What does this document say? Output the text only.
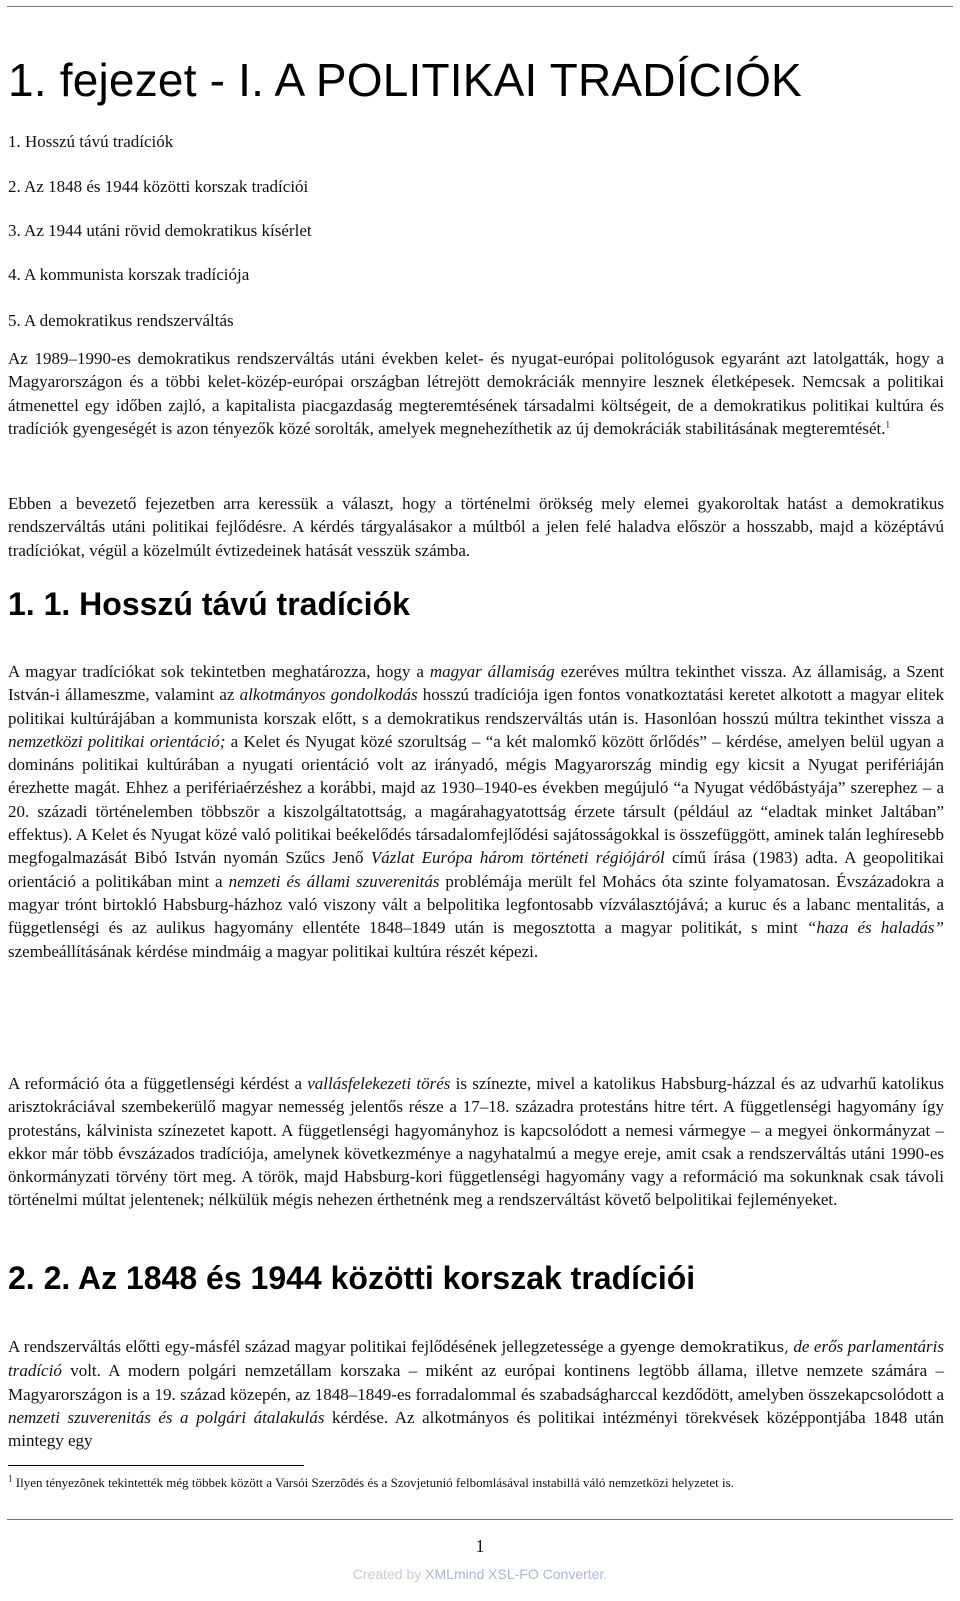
1. fejezet - I. A POLITIKAI TRADÍCIÓK
1. Hosszú távú tradíciók
2. Az 1848 és 1944 közötti korszak tradíciói
3. Az 1944 utáni rövid demokratikus kísérlet
4. A kommunista korszak tradíciója
5. A demokratikus rendszerváltás

Az 1989–1990-es demokratikus rendszerváltás utáni években kelet- és nyugat-európai politológusok egyaránt azt latolgatták, hogy a Magyarországon és a többi kelet-közép-európai országban létrejött demokráciák mennyire lesznek életképesek. Nemcsak a politikai átmenettel egy időben zajló, a kapitalista piacgazdaság megteremtésének társadalmi költségeit, de a demokratikus politikai kultúra és tradíciók gyengeségét is azon tényezők közé sorolták, amelyek megnehezíthetik az új demokráciák stabilitásának megteremtését.$^1$

Ebben a bevezető fejezetben arra keressük a választ, hogy a történelmi örökség mely elemei gyakoroltak hatást a demokratikus rendszerváltás utáni politikai fejlődésre. A kérdés tárgyalásakor a múltból a jelen felé haladva először a hosszabb, majd a középtávú tradíciókat, végül a közelmúlt évtizedeinek hatását vesszük számba.

1. 1. Hosszú távú tradíciók

A magyar tradíciókat sok tekintetben meghatározza, hogy a magyar államiság ezeréves múltra tekinthet vissza. Az államiság, a Szent István-i állameszme, valamint az alkotmányos gondolkodás hosszú tradíciója igen fontos vonatkoztatási keretet alkotott a magyar elitek politikai kultúrájában a kommunista korszak előtt, s a demokratikus rendszerváltás után is. Hasonlóan hosszú múltra tekinthet vissza a nemzetközi politikai orientáció; a Kelet és Nyugat közé szorultság – “a két malomkő között őrlődés” – kérdése, amelyen belül ugyan a domináns politikai kultúrában a nyugati orientáció volt az irányadó, mégis Magyarország mindig egy kicsit a Nyugat perifériáján érezhette magát. Ehhez a perifériaérzéshez a korábbi, majd az 1930–1940-es években megújuló “a Nyugat védőbástyája” szerephez – a 20. századi történelemben többször a kiszolgáltatottság, a magárahagyatottság érzete társult (például az “eladtak minket Jaltában” effektus). A Kelet és Nyugat közé való politikai beékelődés társadalomfejlődési sajátosságokkal is összefüggött, aminek talán leghíresebb megfogalmazását Bibó István nyomán Szűcs Jenő Vázlat Európa három történeti régiójáról című írása (1983) adta. A geopolitikai orientáció a politikában mint a nemzeti és állami szuverenitás problémája merült fel Mohács óta szinte folyamatosan. Évszázadokra a magyar trónt birtokló Habsburg-házhoz való viszony vált a belpolitika legfontosabb vízválasztójává; a kuruc és a labanc mentalitás, a függetlenségi és az aulikus hagyomány ellentéte 1848–1849 után is megosztotta a magyar politikát, s mint “haza és haladás” szembeállításának kérdése mindmáig a magyar politikai kultúra részét képezi.

A reformáció óta a függetlenségi kérdést a vallásfelekezeti törés is színezte, mivel a katolikus Habsburg-házzal és az udvarhű katolikus arisztokráciával szembekerülő magyar nemesség jelentős része a 17–18. századra protestáns hitre tért. A függetlenségi hagyomány így protestáns, kálvinista színezetet kapott. A függetlenségi hagyományhoz is kapcsolódott a nemesi vármegye – a megyei önkormányzat – ekkor már több évszázados tradíciója, amelynek következménye a nagyhatalmú a megye ereje, amit csak a rendszerváltás utáni 1990-es önkormányzati törvény tört meg. A török, majd Habsburg-kori függetlenségi hagyomány vagy a reformáció ma sokunknak csak távoli történelmi múltat jelentenek; nélkülük mégis nehezen érthetnénk meg a rendszerváltást követő belpolitikai fejleményeket.

2. 2. Az 1848 és 1944 közötti korszak tradíciói

A rendszerváltás előtti egy-másfél század magyar politikai fejlődésének jellegzetessége a gyenge demokratikus, de erős parlamentáris tradíció volt. A modern polgári nemzetállam korszaka – miként az európai kontinens legtöbb állama, illetve nemzete számára – Magyarországon is a 19. század közepén, az 1848–1849-es forradalommal és szabadságharccal kezdődött, amelyben összekapcsolódott a nemzeti szuverenitás és a polgári átalakulás kérdése. Az alkotmányos és politikai intézményi törekvések középpontjába 1848 után mintegy egy

$^1$ Ilyen tényezõnek tekintették még többek között a Varsói Szerzõdés és a Szovjetunió felbomlásával instabillá váló nemzetközi helyzetet is.

1
Created by XMLmind XSL-FO Converter.
